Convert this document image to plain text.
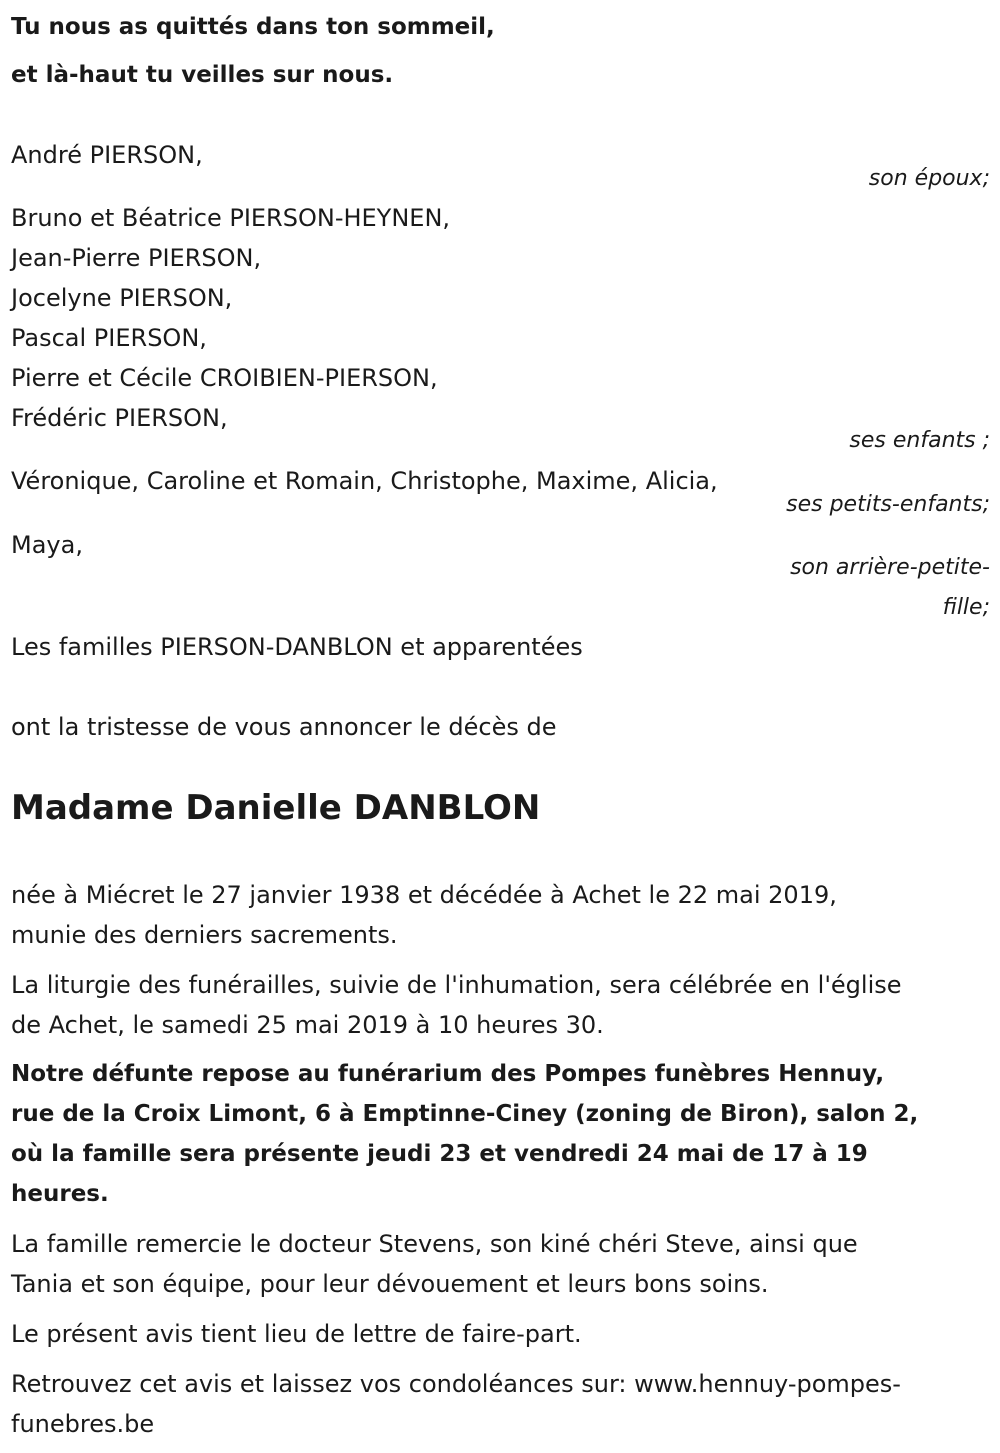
Tu nous as quittés dans ton sommeil,
et là-haut tu veilles sur nous.
André PIERSON,
son époux;
Bruno et Béatrice PIERSON-HEYNEN,
Jean-Pierre PIERSON,
Jocelyne PIERSON,
Pascal PIERSON,
Pierre et Cécile CROIBIEN-PIERSON,
Frédéric PIERSON,
ses enfants ;
Véronique, Caroline et Romain, Christophe, Maxime, Alicia,
ses petits-enfants;
Maya,
son arrière-petite-
fille;
Les familles PIERSON-DANBLON et apparentées
ont la tristesse de vous annoncer le décès de
Madame Danielle DANBLON
née à Miécret le 27 janvier 1938 et décédée à Achet le 22 mai 2019,
munie des derniers sacrements.
La liturgie des funérailles, suivie de l'inhumation, sera célébrée en l'église
de Achet, le samedi 25 mai 2019 à 10 heures 30.
Notre défunte repose au funérarium des Pompes funèbres Hennuy,
rue de la Croix Limont, 6 à Emptinne-Ciney (zoning de Biron), salon 2,
où la famille sera présente jeudi 23 et vendredi 24 mai de 17 à 19
heures.
La famille remercie le docteur Stevens, son kiné chéri Steve, ainsi que
Tania et son équipe, pour leur dévouement et leurs bons soins.
Le présent avis tient lieu de lettre de faire-part.
Retrouvez cet avis et laissez vos condoléances sur: www.hennuy-pompes-
funebres.be
